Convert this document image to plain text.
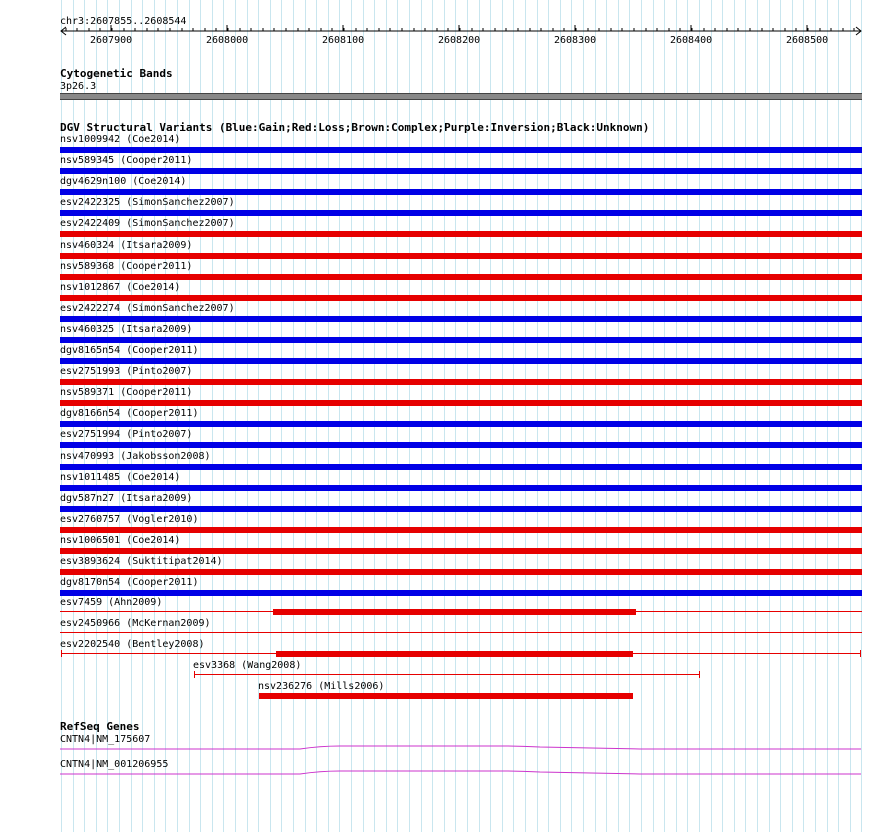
chr3:2607855..2608544
2607900	2608000	2608100	2608200	2608300	2608400	2608500
Cytogenetic Bands
3p26.3
DGV Structural Variants (Blue:Gain;Red:Loss;Brown:Complex;Purple:Inversion;Black:Unknown)
nsv1009942 (Coe2014)
nsv589345 (Cooper2011)
dgv4629n100 (Coe2014)
esv2422325 (SimonSanchez2007)
esv2422409 (SimonSanchez2007)
nsv460324 (Itsara2009)
nsv589368 (Cooper2011)
nsv1012867 (Coe2014)
esv2422274 (SimonSanchez2007)
nsv460325 (Itsara2009)
dgv8165n54 (Cooper2011)
esv2751993 (Pinto2007)
nsv589371 (Cooper2011)
dgv8166n54 (Cooper2011)
esv2751994 (Pinto2007)
nsv470993 (Jakobsson2008)
nsv1011485 (Coe2014)
dgv587n27 (Itsara2009)
esv2760757 (Vogler2010)
nsv1006501 (Coe2014)
esv3893624 (Suktitipat2014)
dgv8170n54 (Cooper2011)
esv7459 (Ahn2009)
esv2450966 (McKernan2009)
esv2202540 (Bentley2008)
esv3368 (Wang2008)
nsv236276 (Mills2006)
RefSeq Genes
CNTN4|NM_175607
CNTN4|NM_001206955
